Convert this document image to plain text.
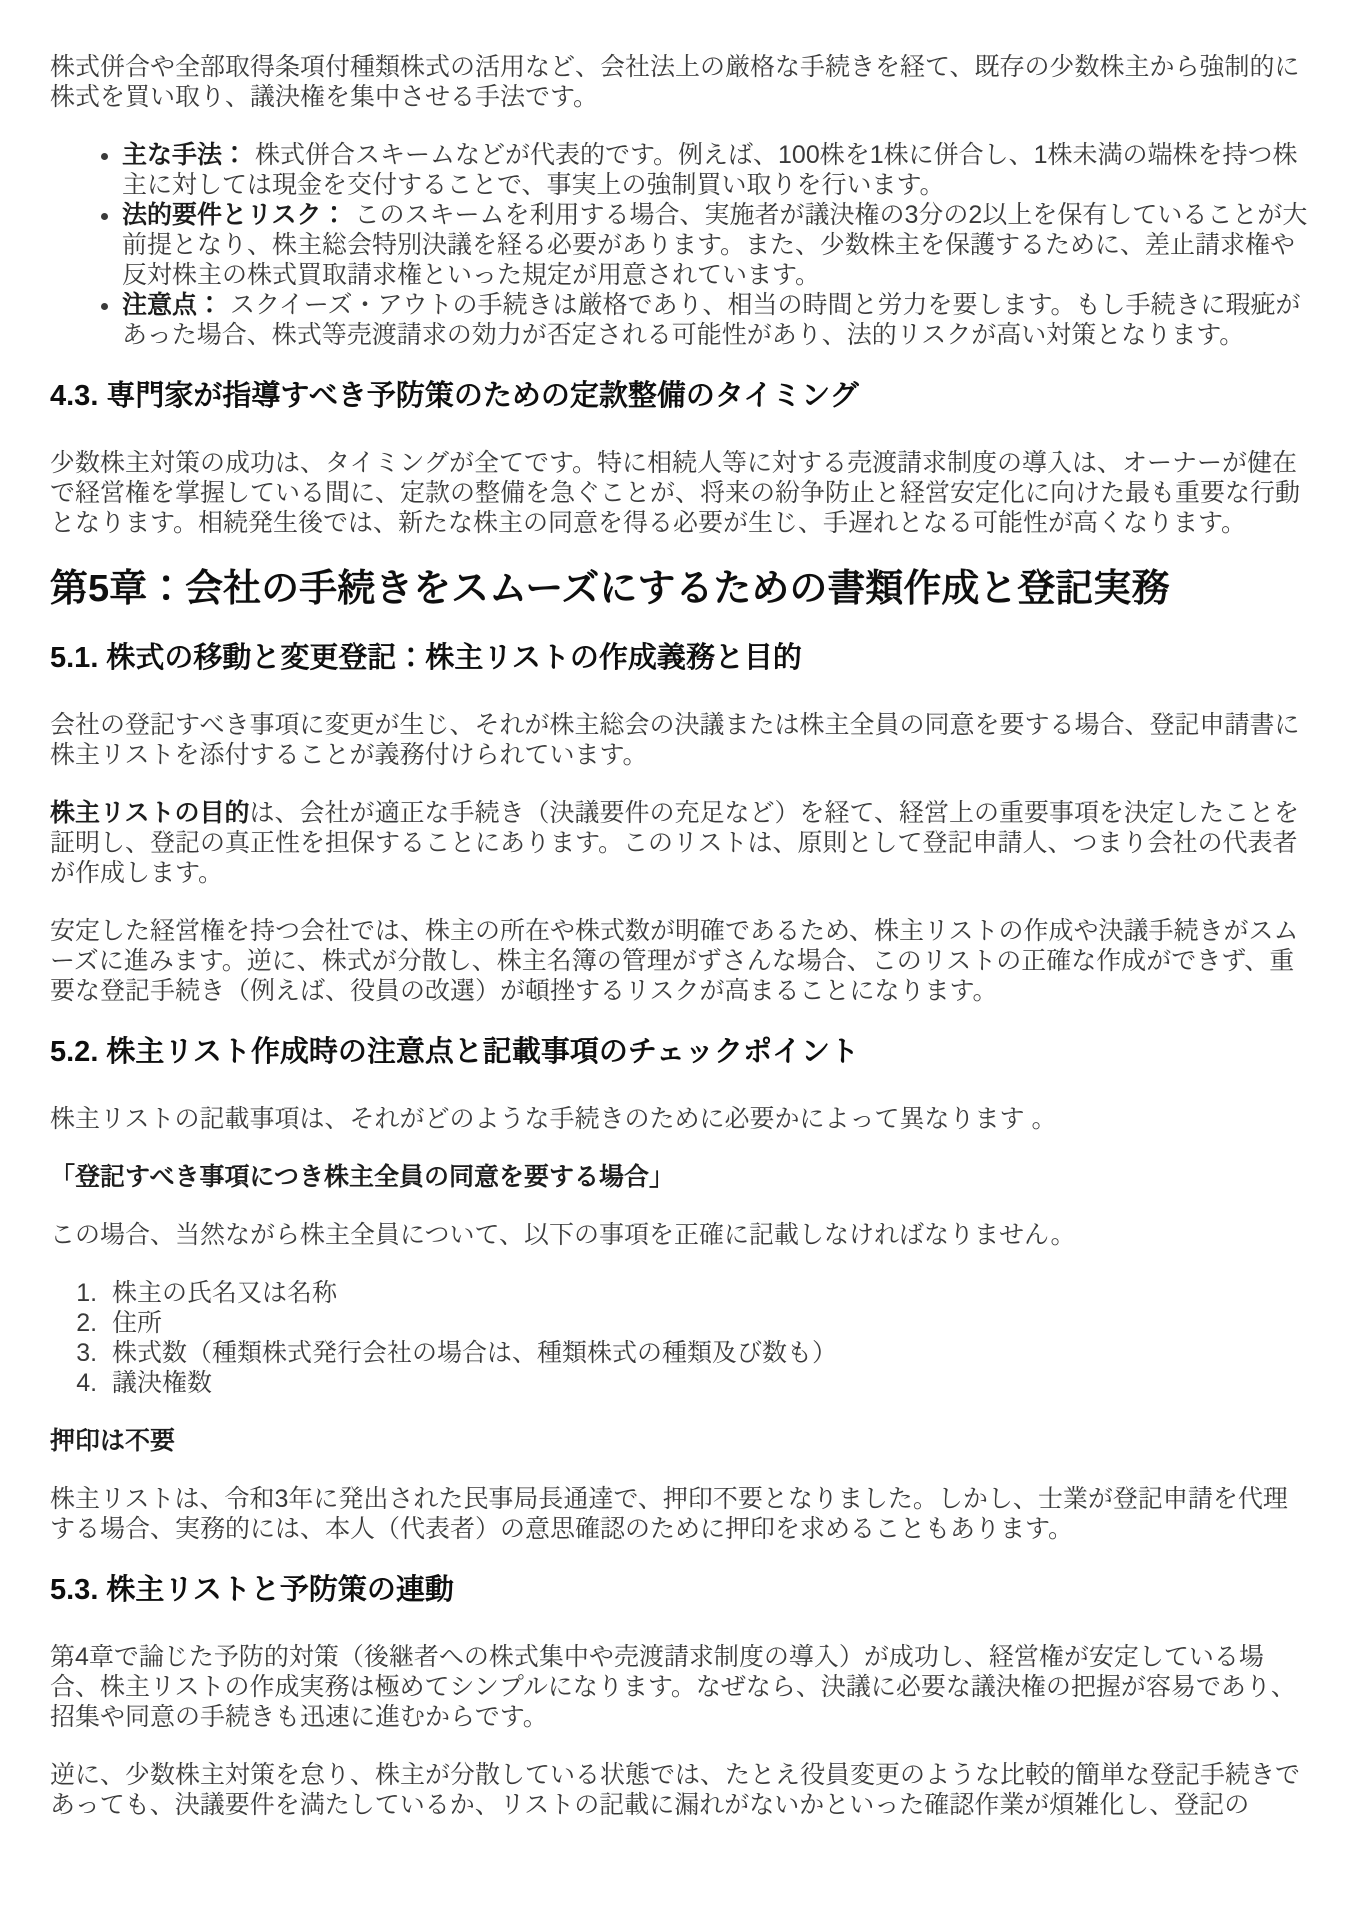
株式併合や全部取得条項付種類株式の活用など、会社法上の厳格な手続きを経て、既存の少数株主から強制的に株式を買い取り、議決権を集中させる手法です。

• 主な手法： 株式併合スキームなどが代表的です。例えば、100株を1株に併合し、1株未満の端株を持つ株主に対しては現金を交付することで、事実上の強制買い取りを行います。
• 法的要件とリスク： このスキームを利用する場合、実施者が議決権の3分の2以上を保有していることが大前提となり、株主総会特別決議を経る必要があります。また、少数株主を保護するために、差止請求権や反対株主の株式買取請求権といった規定が用意されています。
• 注意点： スクイーズ・アウトの手続きは厳格であり、相当の時間と労力を要します。もし手続きに瑕疵があった場合、株式等売渡請求の効力が否定される可能性があり、法的リスクが高い対策となります。
4.3. 専門家が指導すべき予防策のための定款整備のタイミング

少数株主対策の成功は、タイミングが全てです。特に相続人等に対する売渡請求制度の導入は、オーナーが健在で経営権を掌握している間に、定款の整備を急ぐことが、将来の紛争防止と経営安定化に向けた最も重要な行動となります。相続発生後では、新たな株主の同意を得る必要が生じ、手遅れとなる可能性が高くなります。

第5章：会社の手続きをスムーズにするための書類作成と登記実務
5.1. 株式の移動と変更登記：株主リストの作成義務と目的

会社の登記すべき事項に変更が生じ、それが株主総会の決議または株主全員の同意を要する場合、登記申請書に株主リストを添付することが義務付けられています。

株主リストの目的は、会社が適正な手続き（決議要件の充足など）を経て、経営上の重要事項を決定したことを証明し、登記の真正性を担保することにあります。このリストは、原則として登記申請人、つまり会社の代表者が作成します。

安定した経営権を持つ会社では、株主の所在や株式数が明確であるため、株主リストの作成や決議手続きがスムーズに進みます。逆に、株式が分散し、株主名簿の管理がずさんな場合、このリストの正確な作成ができず、重要な登記手続き（例えば、役員の改選）が頓挫するリスクが高まることになります。

5.2. 株主リスト作成時の注意点と記載事項のチェックポイント

株主リストの記載事項は、それがどのような手続きのために必要かによって異なります 。

「登記すべき事項につき株主全員の同意を要する場合」

この場合、当然ながら株主全員について、以下の事項を正確に記載しなければなりません。

1. 株主の氏名又は名称
2. 住所
3. 株式数（種類株式発行会社の場合は、種類株式の種類及び数も）
4. 議決権数

押印は不要

株主リストは、令和3年に発出された民事局長通達で、押印不要となりました。しかし、士業が登記申請を代理する場合、実務的には、本人（代表者）の意思確認のために押印を求めることもあります。

5.3. 株主リストと予防策の連動

第4章で論じた予防的対策（後継者への株式集中や売渡請求制度の導入）が成功し、経営権が安定している場合、株主リストの作成実務は極めてシンプルになります。なぜなら、決議に必要な議決権の把握が容易であり、招集や同意の手続きも迅速に進むからです。

逆に、少数株主対策を怠り、株主が分散している状態では、たとえ役員変更のような比較的簡単な登記手続きであっても、決議要件を満たしているか、リストの記載に漏れがないかといった確認作業が煩雑化し、登記の
